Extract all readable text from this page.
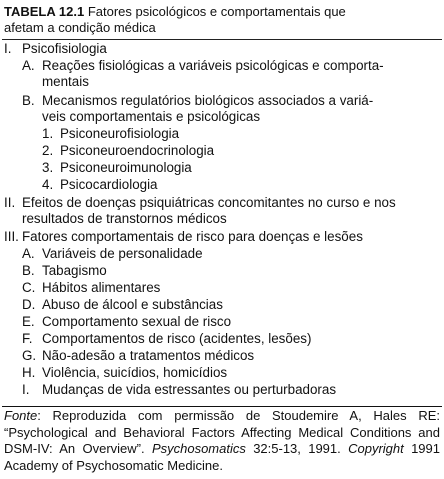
TABELA 12.1 Fatores psicológicos e comportamentais que
afetam a condição médica
I. Psicofisiologia
A. Reações fisiológicas a variáveis psicológicas e comporta-
mentais
B. Mecanismos regulatórios biológicos associados a variá-
veis comportamentais e psicológicas
1. Psiconeurofisiologia
2. Psiconeuroendocrinologia
3. Psiconeuroimunologia
4. Psicocardiologia
II. Efeitos de doenças psiquiátricas concomitantes no curso e nos
resultados de transtornos médicos
III. Fatores comportamentais de risco para doenças e lesões
A. Variáveis de personalidade
B. Tabagismo
C. Hábitos alimentares
D. Abuso de álcool e substâncias
E. Comportamento sexual de risco
F. Comportamentos de risco (acidentes, lesões)
G. Não-adesão a tratamentos médicos
H. Violência, suicídios, homicídios
I. Mudanças de vida estressantes ou perturbadoras
Fonte: Reproduzida com permissão de Stoudemire A, Hales RE: “Psychological and Behavioral Factors Affecting Medical Conditions and DSM-IV: An Overview”. Psychosomatics 32:5-13, 1991. Copyright 1991 Academy of Psychosomatic Medicine.
